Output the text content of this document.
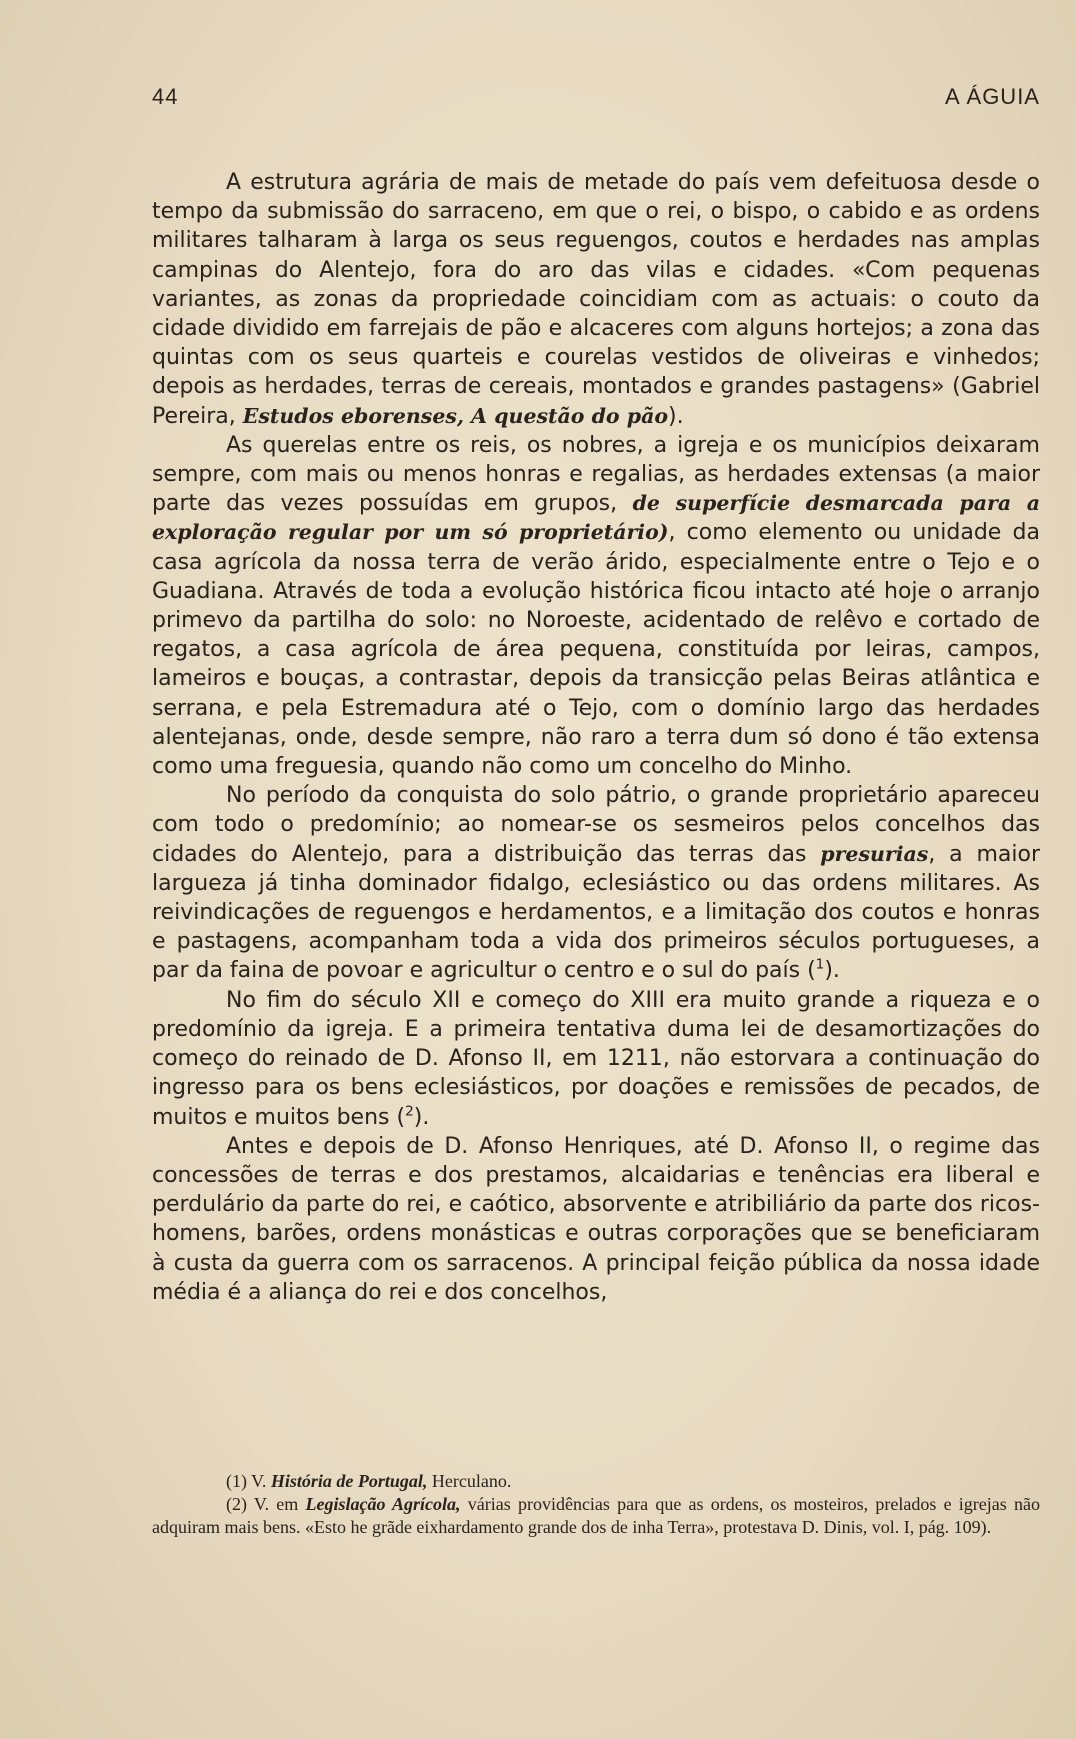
44	A ÁGUIA

A estrutura agrária de mais de metade do país vem defeituosa desde o tempo da submissão do sarraceno, em que o rei, o bispo, o cabido e as ordens militares talharam à larga os seus reguengos, coutos e herdades nas amplas campinas do Alentejo, fora do aro das vilas e cidades. «Com pequenas variantes, as zonas da propriedade coincidiam com as actuais: o couto da cidade dividido em farrejais de pão e alcaceres com alguns hortejos; a zona das quintas com os seus quarteis e courelas vestidos de oliveiras e vinhedos; depois as herdades, terras de cereais, montados e grandes pastagens» (Gabriel Pereira, Estudos eborenses, A questão do pão).

As querelas entre os reis, os nobres, a igreja e os municípios deixaram sempre, com mais ou menos honras e regalias, as herdades extensas (a maior parte das vezes possuídas em grupos, de superfície desmarcada para a exploração regular por um só proprietário), como elemento ou unidade da casa agrícola da nossa terra de verão árido, especialmente entre o Tejo e o Guadiana. Através de toda a evolução histórica ficou intacto até hoje o arranjo primevo da partilha do solo: no Noroeste, acidentado de relêvo e cortado de regatos, a casa agrícola de área pequena, constituída por leiras, campos, lameiros e bouças, a contrastar, depois da transicção pelas Beiras atlântica e serrana, e pela Estremadura até o Tejo, com o domínio largo das herdades alentejanas, onde, desde sempre, não raro a terra dum só dono é tão extensa como uma freguesia, quando não como um concelho do Minho.

No período da conquista do solo pátrio, o grande proprietário apareceu com todo o predomínio; ao nomear-se os sesmeiros pelos concelhos das cidades do Alentejo, para a distribuição das terras das presurias, a maior largueza já tinha dominador fidalgo, eclesiástico ou das ordens militares. As reivindicações de reguengos e herdamentos, e a limitação dos coutos e honras e pastagens, acompanham toda a vida dos primeiros séculos portugueses, a par da faina de povoar e agricultur o centro e o sul do país ($^1$).

No fim do século XII e começo do XIII era muito grande a riqueza e o predomínio da igreja. E a primeira tentativa duma lei de desamortizações do começo do reinado de D. Afonso II, em 1211, não estorvara a continuação do ingresso para os bens eclesiásticos, por doações e remissões de pecados, de muitos e muitos bens ($^2$).

Antes e depois de D. Afonso Henriques, até D. Afonso II, o regime das concessões de terras e dos prestamos, alcaidarias e tenências era liberal e perdulário da parte do rei, e caótico, absorvente e atribiliário da parte dos ricos-homens, barões, ordens monásticas e outras corporações que se beneficiaram à custa da guerra com os sarracenos. A principal feição pública da nossa idade média é a aliança do rei e dos concelhos,

(1) V. História de Portugal, Herculano.

(2) V. em Legislação Agrícola, várias providências para que as ordens, os mosteiros, prelados e igrejas não adquiram mais bens. «Esto he grãde eixhardamento grande dos de inha Terra», protestava D. Dinis, vol. I, pág. 109).
